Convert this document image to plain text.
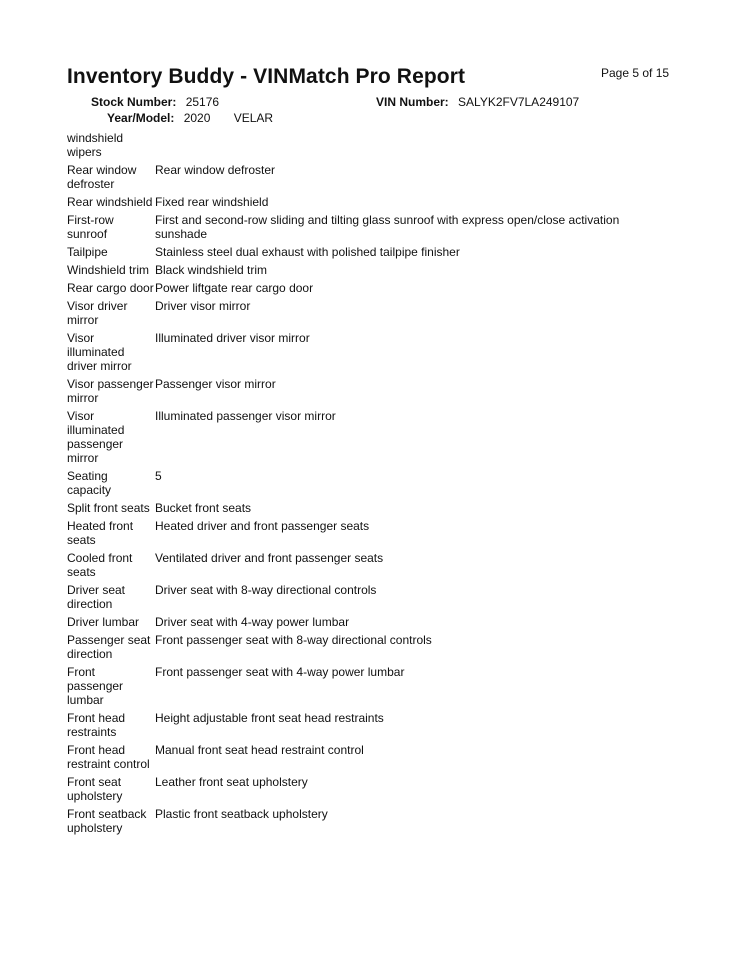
Inventory Buddy - VINMatch Pro Report	Page 5 of 15
Stock Number: 25176	VIN Number: SALYK2FV7LA249107
Year/Model: 2020 VELAR
windshield wipers	
Rear window defroster	Rear window defroster
Rear windshield	Fixed rear windshield
First-row sunroof	First and second-row sliding and tilting glass sunroof with express open/close activation sunshade
Tailpipe	Stainless steel dual exhaust with polished tailpipe finisher
Windshield trim	Black windshield trim
Rear cargo door	Power liftgate rear cargo door
Visor driver mirror	Driver visor mirror
Visor illuminated driver mirror	Illuminated driver visor mirror
Visor passenger mirror	Passenger visor mirror
Visor illuminated passenger mirror	Illuminated passenger visor mirror
Seating capacity	5
Split front seats	Bucket front seats
Heated front seats	Heated driver and front passenger seats
Cooled front seats	Ventilated driver and front passenger seats
Driver seat direction	Driver seat with 8-way directional controls
Driver lumbar	Driver seat with 4-way power lumbar
Passenger seat direction	Front passenger seat with 8-way directional controls
Front passenger lumbar	Front passenger seat with 4-way power lumbar
Front head restraints	Height adjustable front seat head restraints
Front head restraint control	Manual front seat head restraint control
Front seat upholstery	Leather front seat upholstery
Front seatback upholstery	Plastic front seatback upholstery
